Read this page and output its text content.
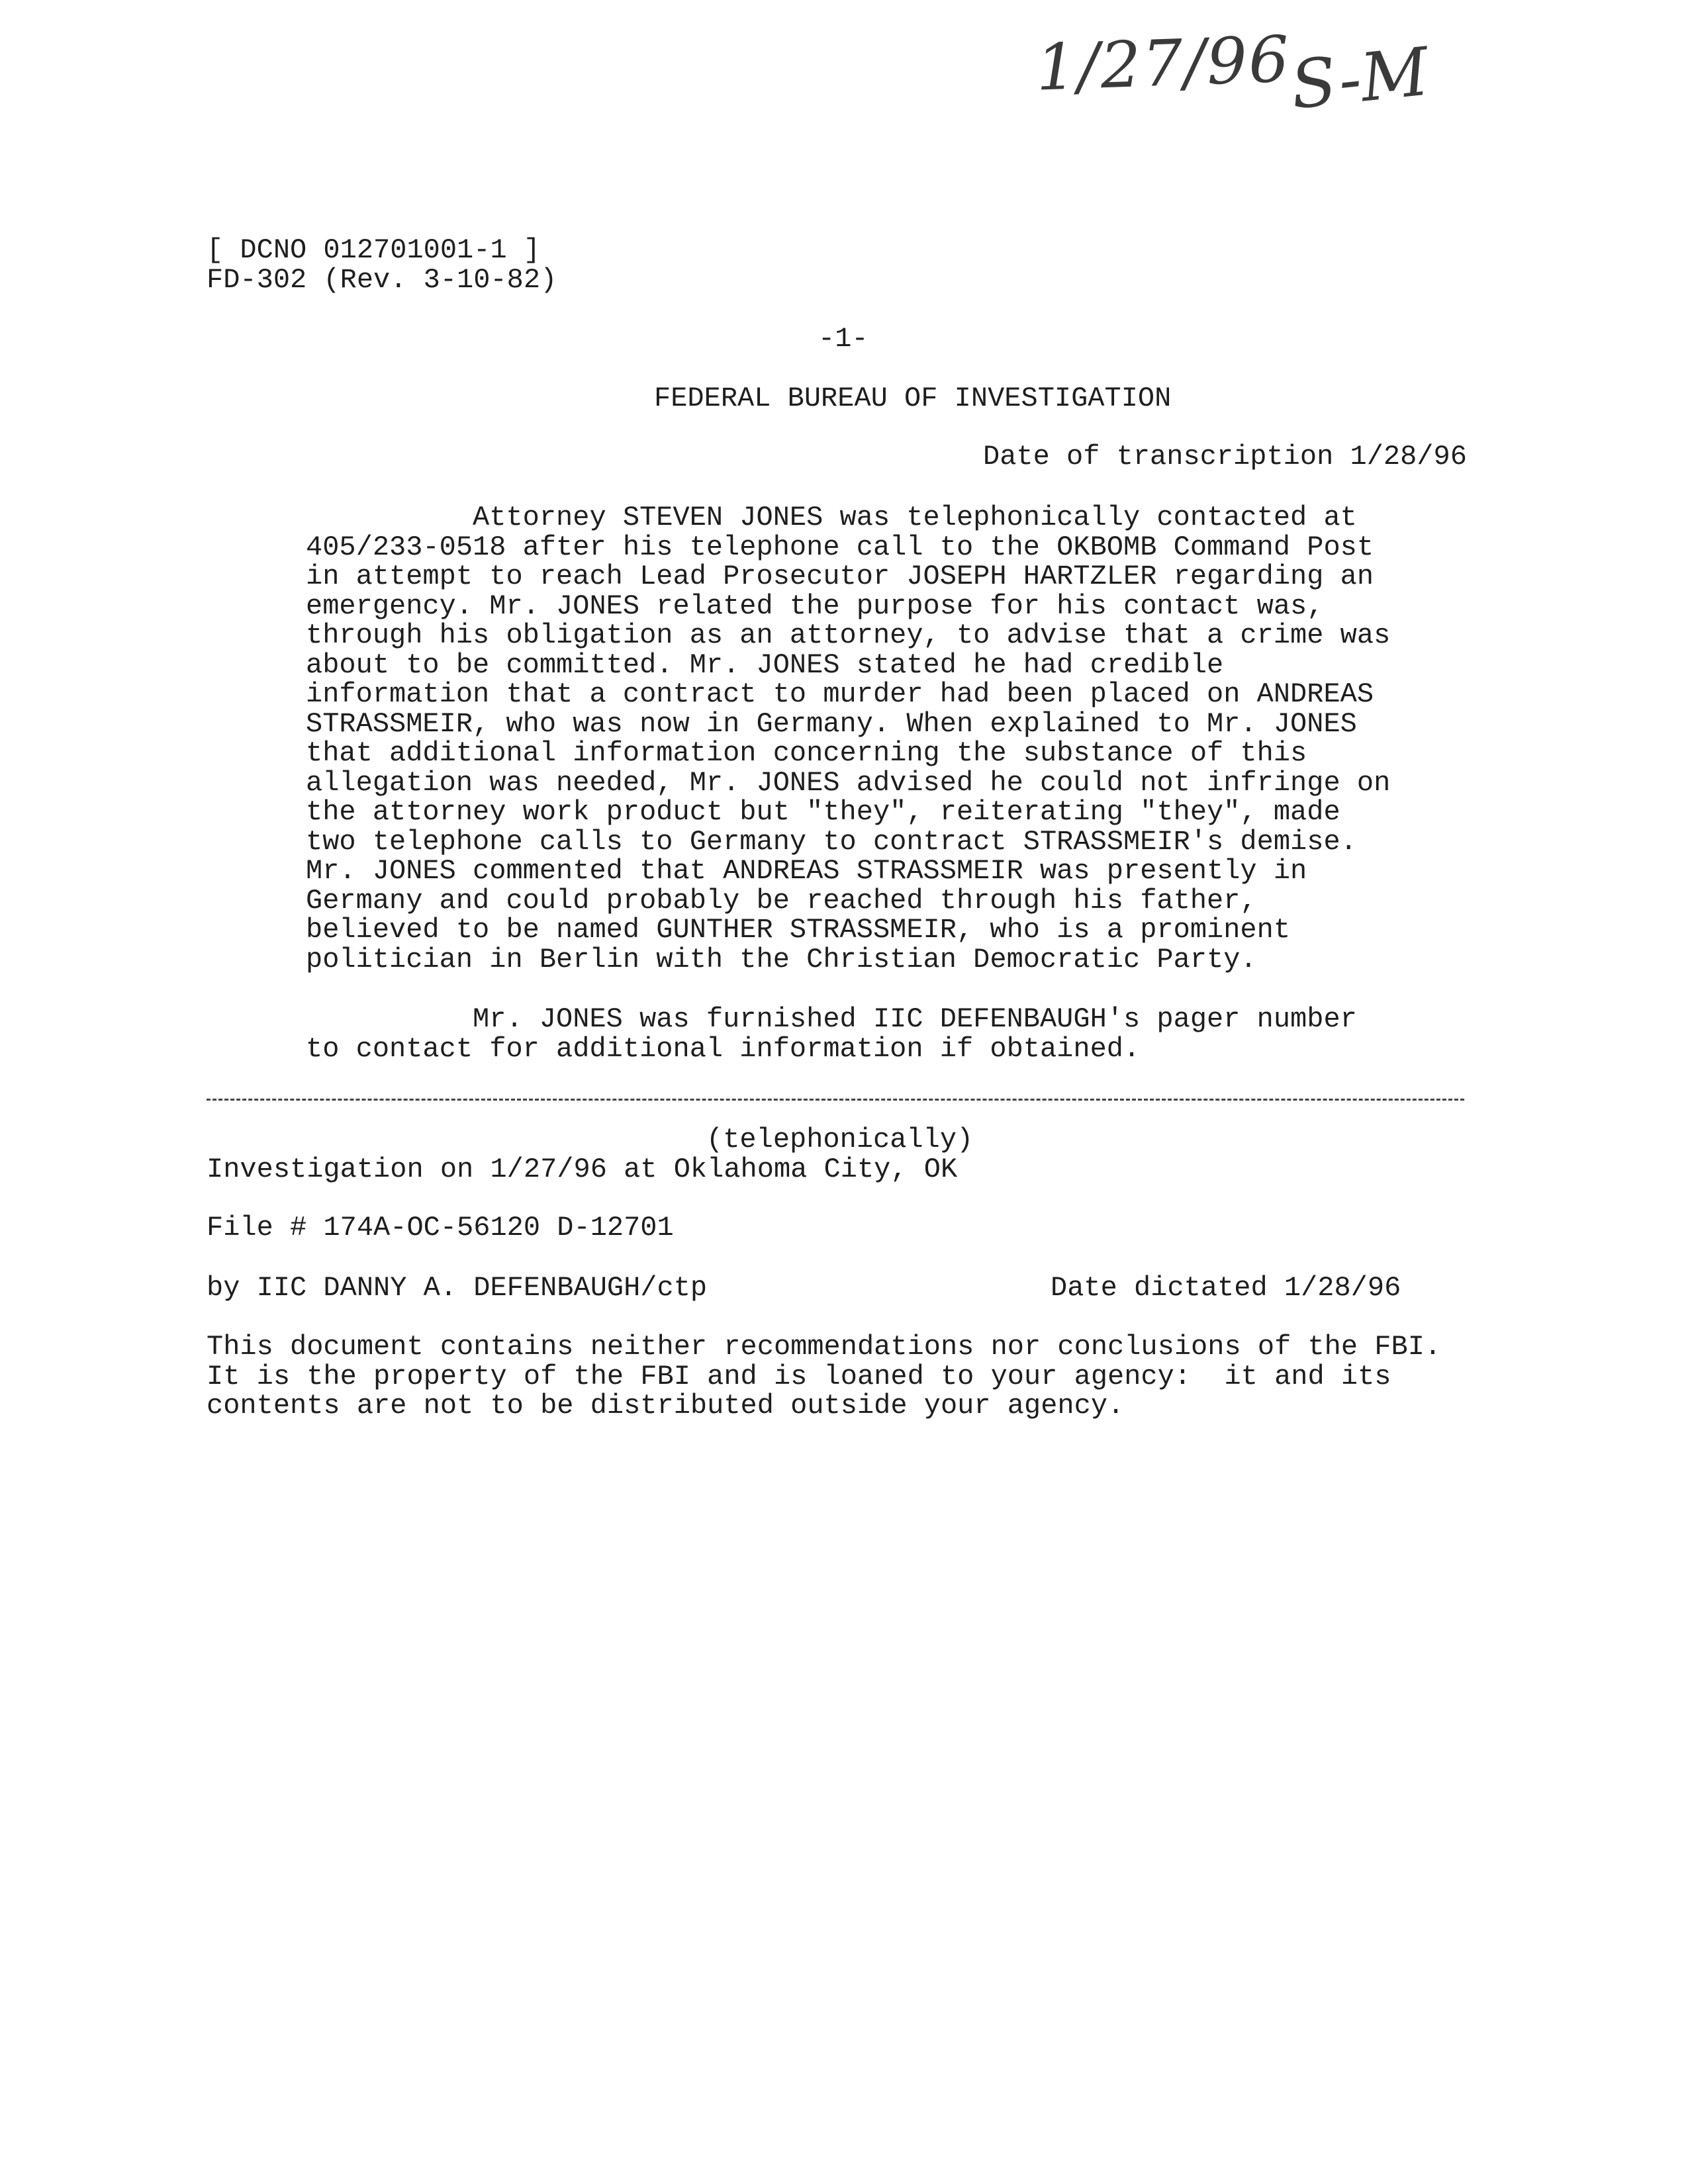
1/27/96
S-M
[ DCNO 012701001-1 ]
FD-302 (Rev. 3-10-82)
-1-
FEDERAL BUREAU OF INVESTIGATION
Date of transcription 1/28/96
Attorney STEVEN JONES was telephonically contacted at
405/233-0518 after his telephone call to the OKBOMB Command Post
in attempt to reach Lead Prosecutor JOSEPH HARTZLER regarding an
emergency. Mr. JONES related the purpose for his contact was,
through his obligation as an attorney, to advise that a crime was
about to be committed. Mr. JONES stated he had credible
information that a contract to murder had been placed on ANDREAS
STRASSMEIR, who was now in Germany. When explained to Mr. JONES
that additional information concerning the substance of this
allegation was needed, Mr. JONES advised he could not infringe on
the attorney work product but "they", reiterating "they", made
two telephone calls to Germany to contract STRASSMEIR's demise.
Mr. JONES commented that ANDREAS STRASSMEIR was presently in
Germany and could probably be reached through his father,
believed to be named GUNTHER STRASSMEIR, who is a prominent
politician in Berlin with the Christian Democratic Party.
Mr. JONES was furnished IIC DEFENBAUGH's pager number
to contact for additional information if obtained.
(telephonically)
Investigation on 1/27/96 at Oklahoma City, OK
File # 174A-OC-56120 D-12701
by IIC DANNY A. DEFENBAUGH/ctp	Date dictated 1/28/96
This document contains neither recommendations nor conclusions of the FBI.
It is the property of the FBI and is loaned to your agency:  it and its
contents are not to be distributed outside your agency.
